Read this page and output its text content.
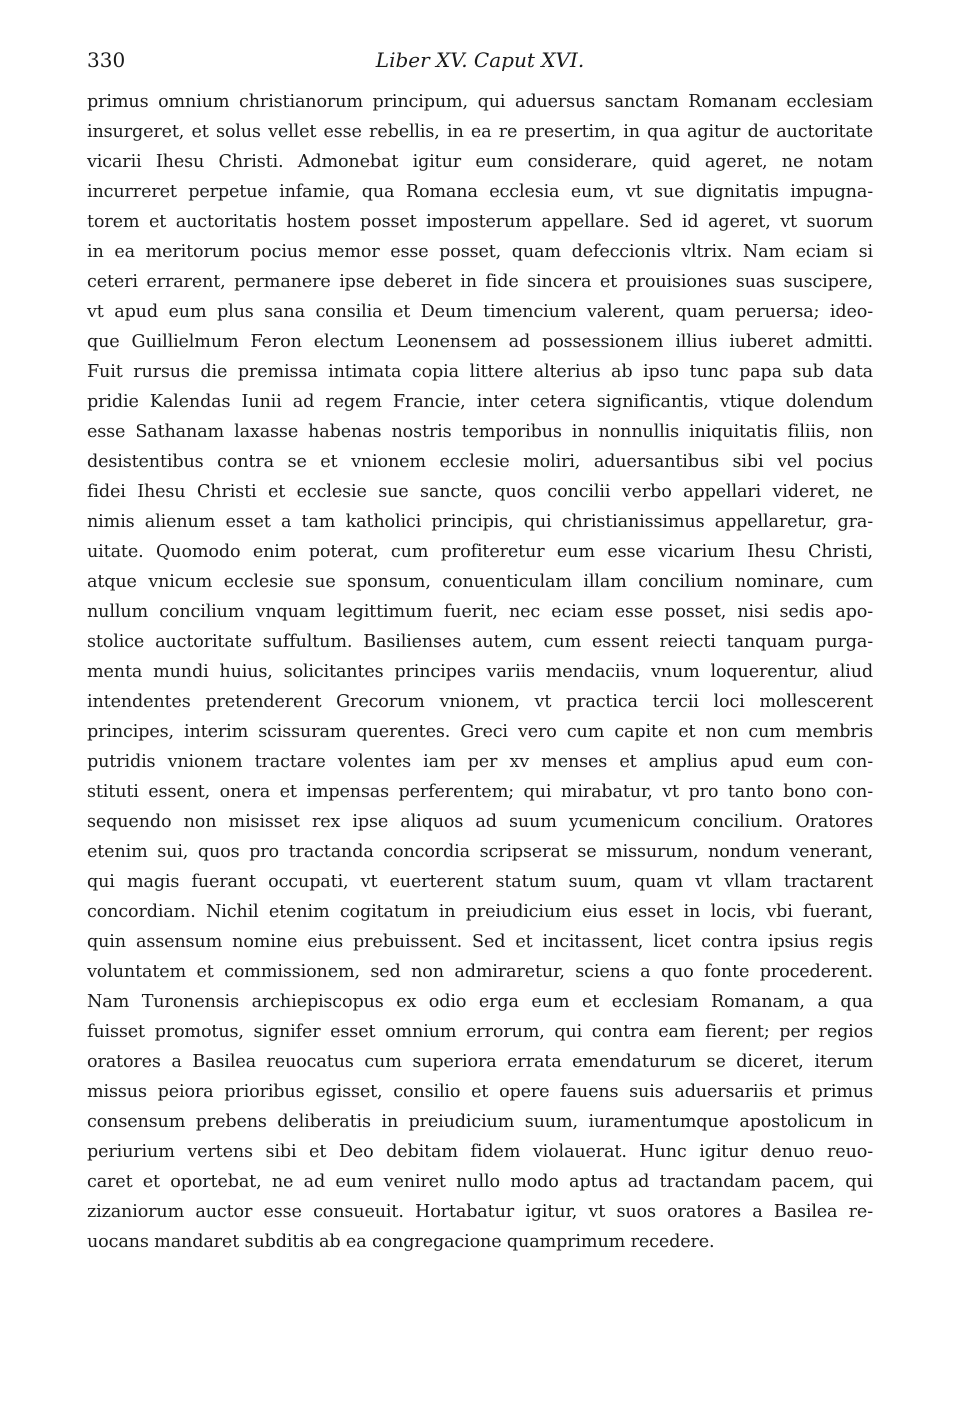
330	Liber XV. Caput XVI.
primus omnium christianorum principum, qui aduersus sanctam Romanam ecclesiam
insurgeret, et solus vellet esse rebellis, in ea re presertim, in qua agitur de auctoritate
vicarii Ihesu Christi. Admonebat igitur eum considerare, quid ageret, ne notam
incurreret perpetue infamie, qua Romana ecclesia eum, vt sue dignitatis impugna-
torem et auctoritatis hostem posset imposterum appellare. Sed id ageret, vt suorum
in ea meritorum pocius memor esse posset, quam defeccionis vltrix. Nam eciam si
ceteri errarent, permanere ipse deberet in fide sincera et prouisiones suas suscipere,
vt apud eum plus sana consilia et Deum timencium valerent, quam peruersa; ideo-
que Guillielmum Feron electum Leonensem ad possessionem illius iuberet admitti.
Fuit rursus die premissa intimata copia littere alterius ab ipso tunc papa sub data
pridie Kalendas Iunii ad regem Francie, inter cetera significantis, vtique dolendum
esse Sathanam laxasse habenas nostris temporibus in nonnullis iniquitatis filiis, non
desistentibus contra se et vnionem ecclesie moliri, aduersantibus sibi vel pocius
fidei Ihesu Christi et ecclesie sue sancte, quos concilii verbo appellari videret, ne
nimis alienum esset a tam katholici principis, qui christianissimus appellaretur, gra-
uitate. Quomodo enim poterat, cum profiteretur eum esse vicarium Ihesu Christi,
atque vnicum ecclesie sue sponsum, conuenticulam illam concilium nominare, cum
nullum concilium vnquam legittimum fuerit, nec eciam esse posset, nisi sedis apo-
stolice auctoritate suffultum. Basilienses autem, cum essent reiecti tanquam purga-
menta mundi huius, solicitantes principes variis mendaciis, vnum loquerentur, aliud
intendentes pretenderent Grecorum vnionem, vt practica tercii loci mollescerent
principes, interim scissuram querentes. Greci vero cum capite et non cum membris
putridis vnionem tractare volentes iam per xv menses et amplius apud eum con-
stituti essent, onera et impensas perferentem; qui mirabatur, vt pro tanto bono con-
sequendo non misisset rex ipse aliquos ad suum ycumenicum concilium. Oratores
etenim sui, quos pro tractanda concordia scripserat se missurum, nondum venerant,
qui magis fuerant occupati, vt euerterent statum suum, quam vt vllam tractarent
concordiam. Nichil etenim cogitatum in preiudicium eius esset in locis, vbi fuerant,
quin assensum nomine eius prebuissent. Sed et incitassent, licet contra ipsius regis
voluntatem et commissionem, sed non admiraretur, sciens a quo fonte procederent.
Nam Turonensis archiepiscopus ex odio erga eum et ecclesiam Romanam, a qua
fuisset promotus, signifer esset omnium errorum, qui contra eam fierent; per regios
oratores a Basilea reuocatus cum superiora errata emendaturum se diceret, iterum
missus peiora prioribus egisset, consilio et opere fauens suis aduersariis et primus
consensum prebens deliberatis in preiudicium suum, iuramentumque apostolicum in
periurium vertens sibi et Deo debitam fidem violauerat. Hunc igitur denuo reuo-
caret et oportebat, ne ad eum veniret nullo modo aptus ad tractandam pacem, qui
zizaniorum auctor esse consueuit. Hortabatur igitur, vt suos oratores a Basilea re-
uocans mandaret subditis ab ea congregacione quamprimum recedere.
